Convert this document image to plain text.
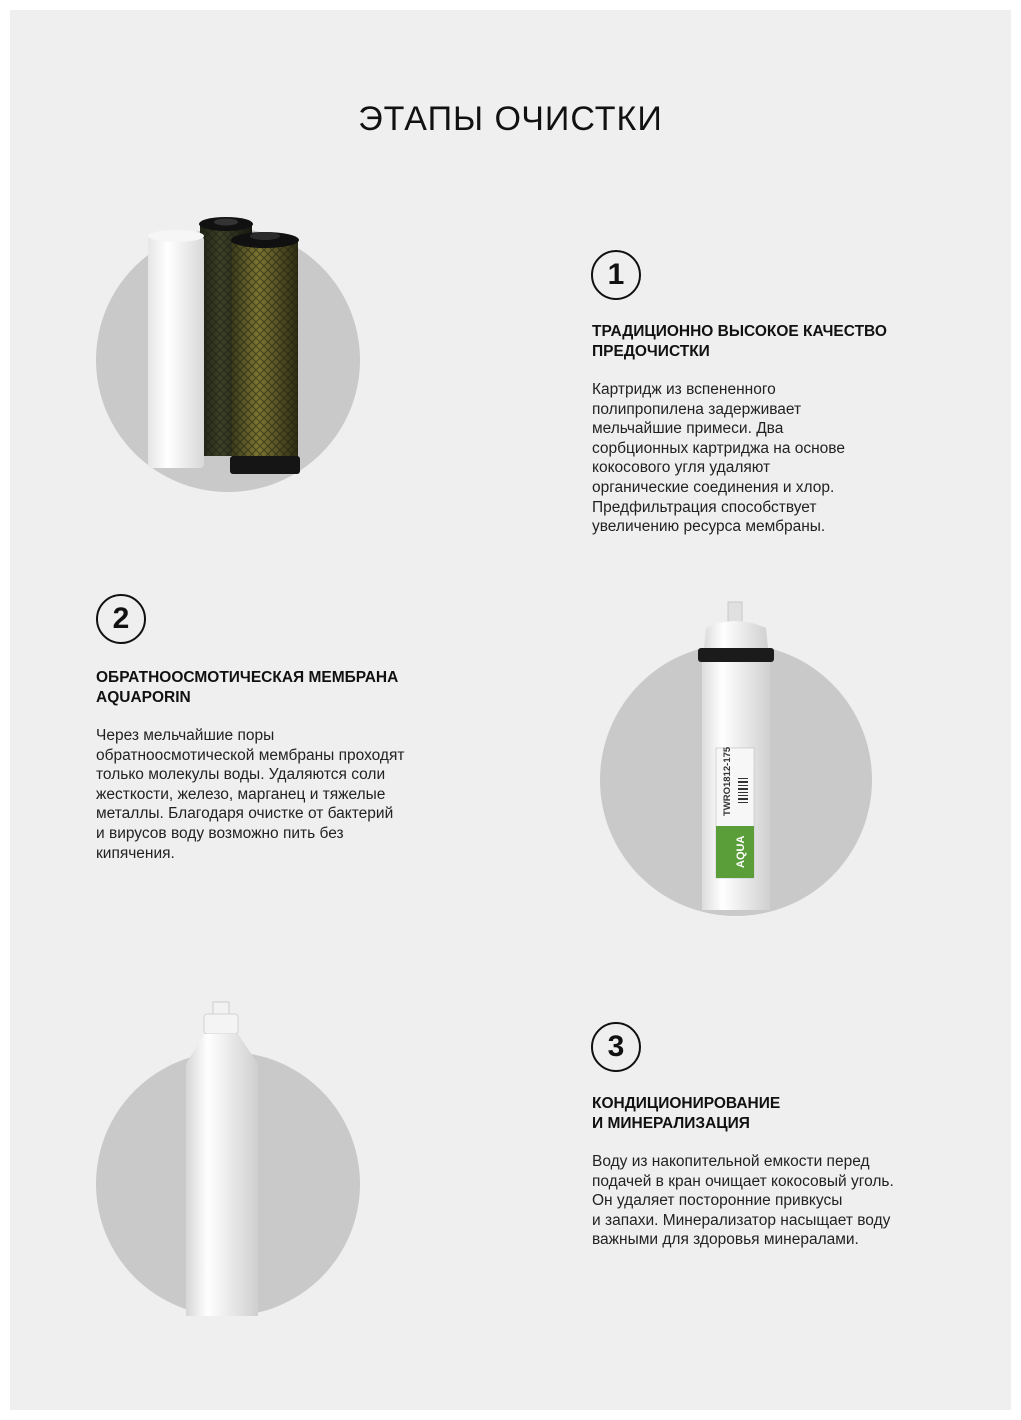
ЭТАПЫ ОЧИСТКИ
1
ТРАДИЦИОННО ВЫСОКОЕ КАЧЕСТВО
ПРЕДОЧИСТКИ
Картридж из вспененного
полипропилена задерживает
мельчайшие примеси. Два
сорбционных картриджа на основе
кокосового угля удаляют
органические соединения и хлор.
Предфильтрация способствует
увеличению ресурса мембраны.
2
ОБРАТНООСМОТИЧЕСКАЯ МЕМБРАНА
AQUAPORIN
Через мельчайшие поры
обратноосмотической мембраны проходят
только молекулы воды. Удаляются соли
жесткости, железо, марганец и тяжелые
металлы. Благодаря очистке от бактерий
и вирусов воду возможно пить без
кипячения.
TWRO1812-175
AQUA
3
КОНДИЦИОНИРОВАНИЕ
И МИНЕРАЛИЗАЦИЯ
Воду из накопительной емкости перед
подачей в кран очищает кокосовый уголь.
Он удаляет посторонние привкусы
и запахи. Минерализатор насыщает воду
важными для здоровья минералами.
